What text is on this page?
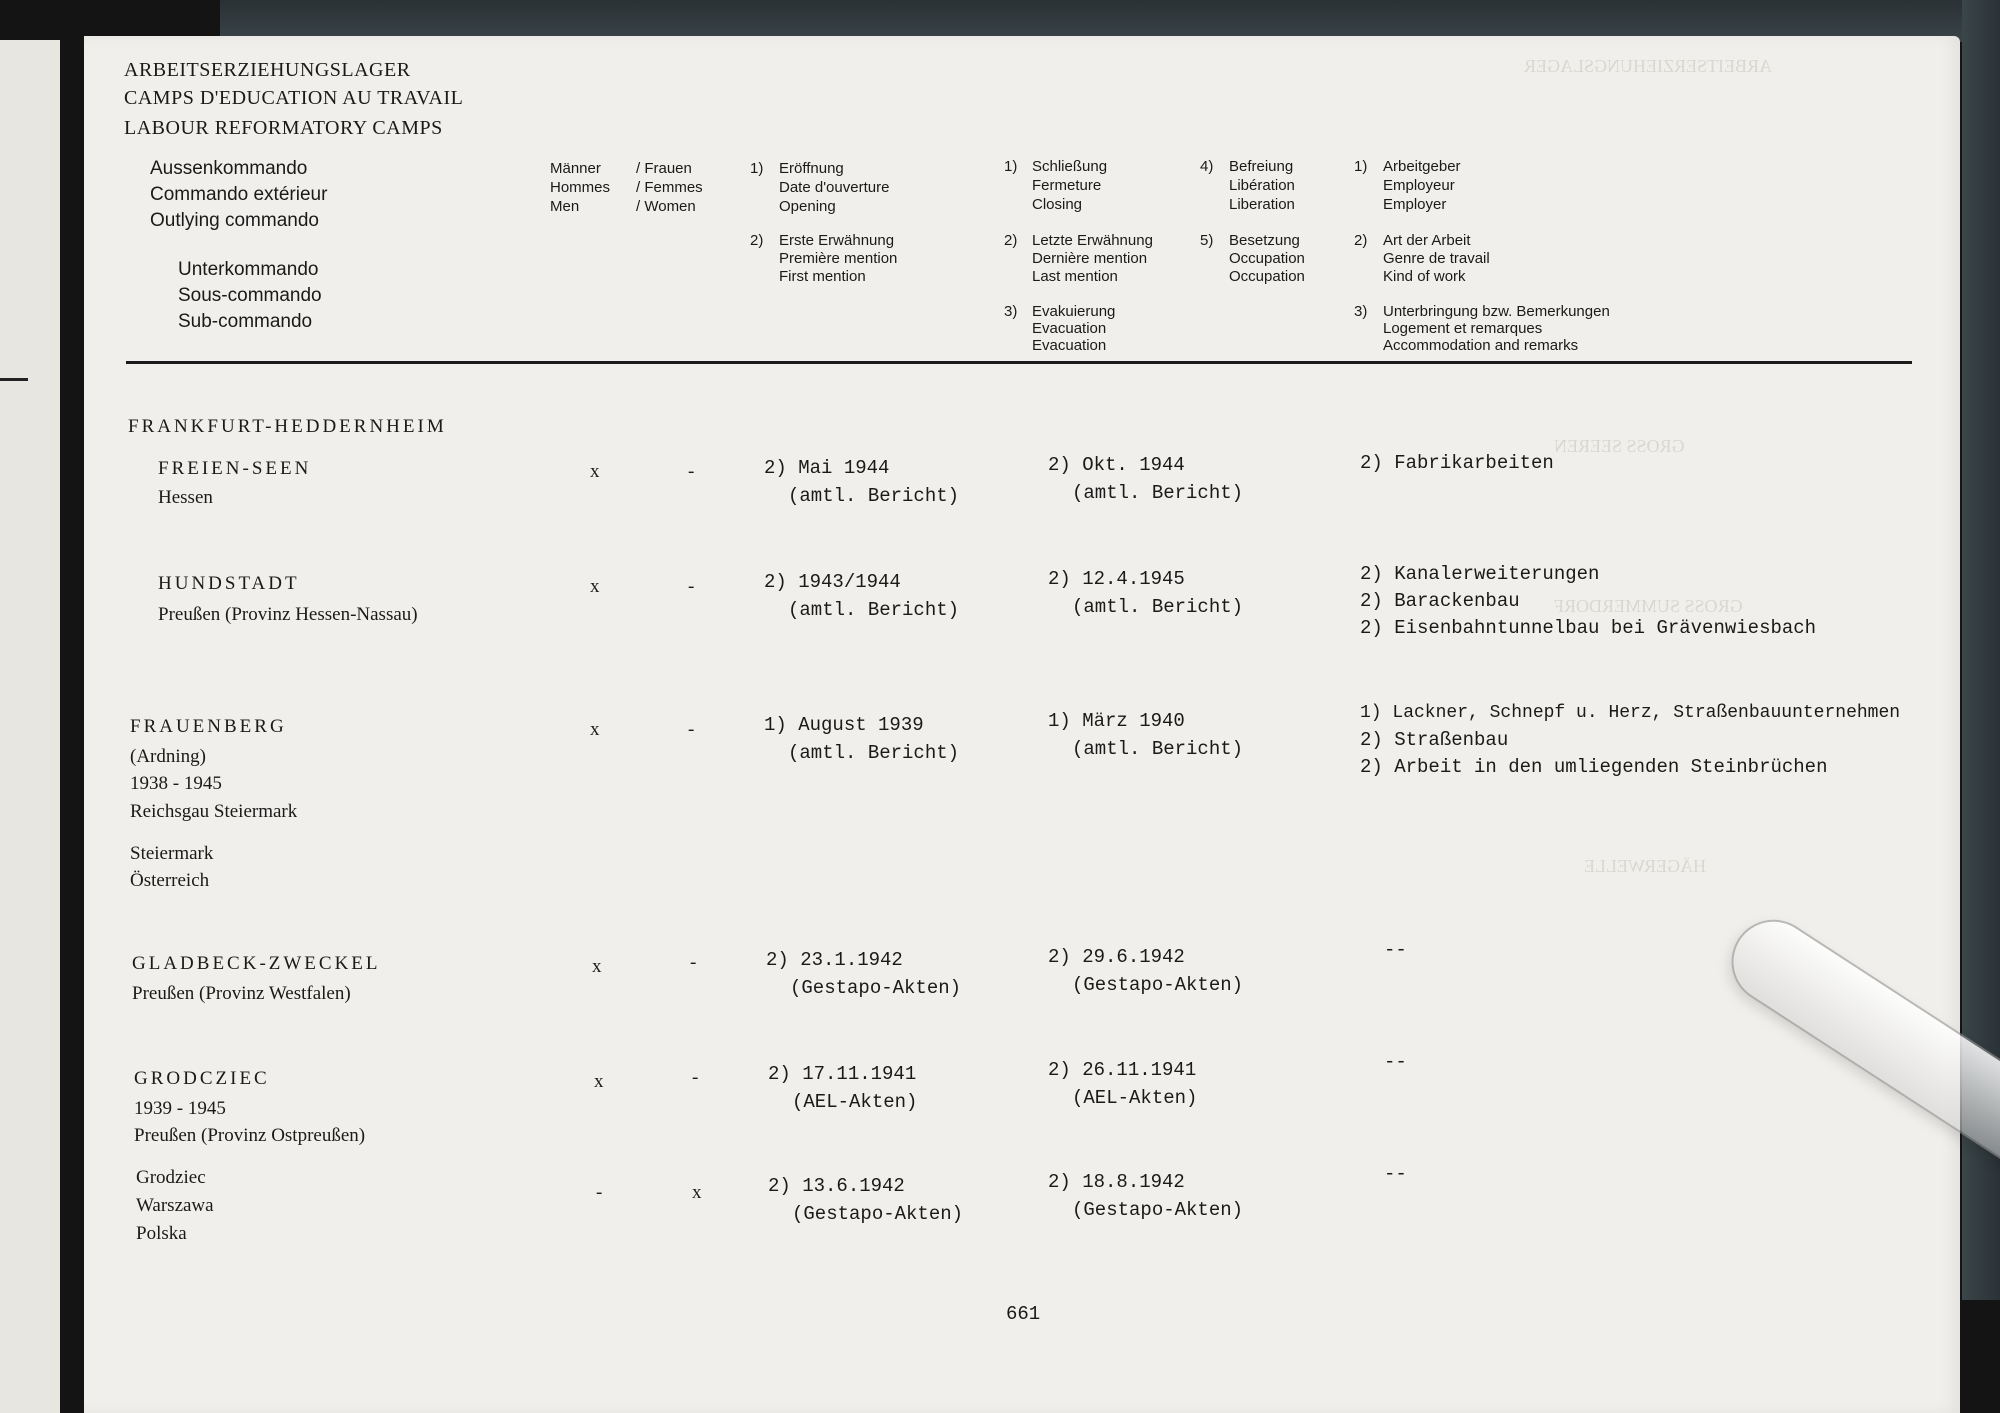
ARBEITSERZIEHUNGSLAGER
GROSS SEEREN
GROSS SUMMERDORF
HÄGERWELLE
ARBEITSERZIEHUNGSLAGER
CAMPS D'EDUCATION AU TRAVAIL
LABOUR REFORMATORY CAMPS
Aussenkommando
Commando extérieur
Outlying commando
Unterkommando
Sous-commando
Sub-commando
Männer / Frauen
Hommes / Femmes
Men	/ Women
1) Eröffnung
Date d'ouverture
Opening
2) Erste Erwähnung
Première mention
First mention
1) Schließung
Fermeture
Closing
2) Letzte Erwähnung
Dernière mention
Last mention
3) Evakuierung
Evacuation
Evacuation
4) Befreiung
Libération
Liberation
5) Besetzung
Occupation
Occupation
1) Arbeitgeber
Employeur
Employer
2) Art der Arbeit
Genre de travail
Kind of work
3) Unterbringung bzw. Bemerkungen
Logement et remarques
Accommodation and remarks
FRANKFURT-HEDDERNHEIM
FREIEN-SEEN
Hessen
x	-	2) Mai 1944
(amtl. Bericht)
2) Okt. 1944
(amtl. Bericht)
2) Fabrikarbeiten
HUNDSTADT
Preußen (Provinz Hessen-Nassau)
x	-	2) 1943/1944
(amtl. Bericht)
2) 12.4.1945
(amtl. Bericht)
2) Kanalerweiterungen
2) Barackenbau
2) Eisenbahntunnelbau bei Grävenwiesbach
FRAUENBERG
(Ardning)
1938 - 1945
Reichsgau Steiermark
Steiermark
Österreich
x	-	1) August 1939
(amtl. Bericht)
1) März 1940
(amtl. Bericht)
1) Lackner, Schnepf u. Herz, Straßenbauunternehmen
2) Straßenbau
2) Arbeit in den umliegenden Steinbrüchen
GLADBECK-ZWECKEL
Preußen (Provinz Westfalen)
x	-	2) 23.1.1942
(Gestapo-Akten)
2) 29.6.1942
(Gestapo-Akten)
--
GRODCZIEC
1939 - 1945
Preußen (Provinz Ostpreußen)
x	-	2) 17.11.1941
(AEL-Akten)
2) 26.11.1941
(AEL-Akten)
--
Grodziec
Warszawa
Polska
-	x	2) 13.6.1942
(Gestapo-Akten)
2) 18.8.1942
(Gestapo-Akten)
--
661
